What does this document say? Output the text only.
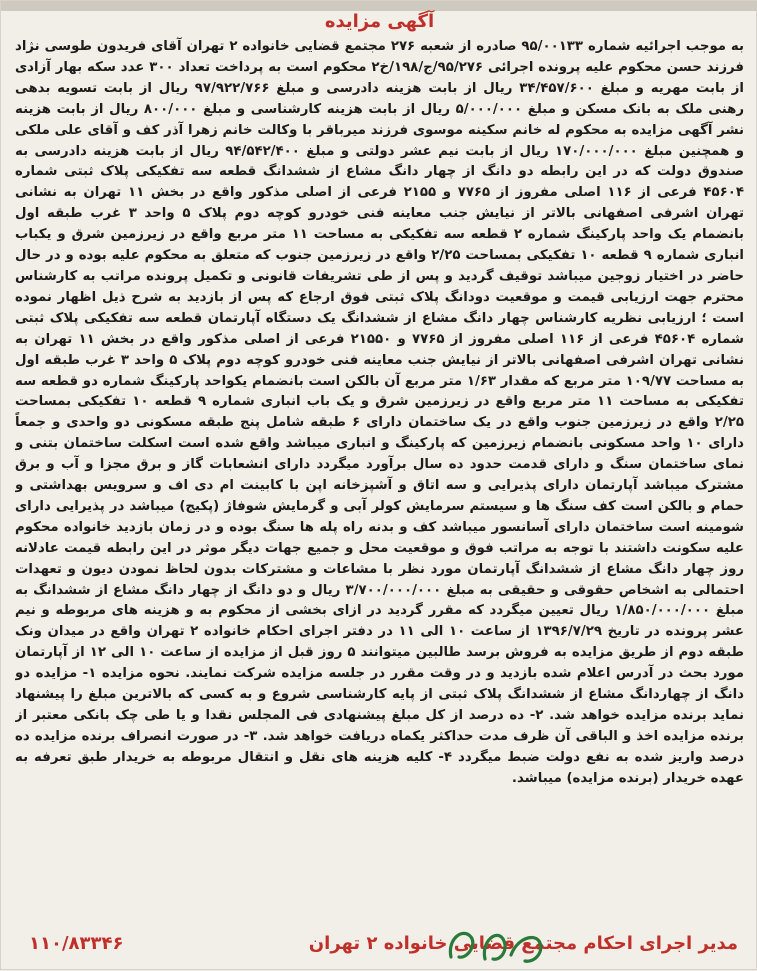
آگهی مزایده

به موجب اجرائیه شماره ۹۵/۰۰۱۳۳ صادره از شعبه ۲۷۶ مجتمع قضایی خانواده ۲ تهران آقای فریدون طوسی نژاد فرزند حسن محکوم علیه پرونده اجرائی ۹۵/۲۷۶/ج/۱۹۸/خ۲ محکوم است به پرداخت تعداد ۳۰۰ عدد سکه بهار آزادی از بابت مهریه و مبلغ ۳۴/۴۵۷/۶۰۰ ریال از بابت هزینه دادرسی و مبلغ ۹۷/۹۲۲/۷۶۶ ریال از بابت تسویه بدهی رهنی ملک به بانک مسکن و مبلغ ۵/۰۰۰/۰۰۰ ریال از بابت هزینه کارشناسی و مبلغ ۸۰۰/۰۰۰ ریال از بابت هزینه نشر آگهی مزایده به محکوم له خانم سکینه موسوی فرزند میرباقر با وکالت خانم زهرا آذر کف و آقای علی ملکی و همچنین مبلغ ۱۷۰/۰۰۰/۰۰۰ ریال از بابت نیم عشر دولتی و مبلغ ۹۴/۵۴۲/۴۰۰ ریال از بابت هزینه دادرسی به صندوق دولت که در این رابطه دو دانگ از چهار دانگ مشاع از ششدانگ قطعه سه تفکیکی پلاک ثبتی شماره ۴۵۶۰۴ فرعی از ۱۱۶ اصلی مفروز از ۷۷۶۵ و ۲۱۵۵ فرعی از اصلی مذکور واقع در بخش ۱۱ تهران به نشانی تهران اشرفی اصفهانی بالاتر از نیایش جنب معاینه فنی خودرو کوچه دوم پلاک ۵ واحد ۳ غرب طبقه اول بانضمام یک واحد پارکینگ شماره ۲ قطعه سه تفکیکی به مساحت ۱۱ متر مربع واقع در زیرزمین شرق و یکباب انباری شماره ۹ قطعه ۱۰ تفکیکی بمساحت ۲/۲۵ واقع در زیرزمین جنوب که متعلق به محکوم علیه بوده و در حال حاضر در اختیار زوجین میباشد توقیف گردید و پس از طی تشریفات قانونی و تکمیل پرونده مراتب به کارشناس محترم جهت ارزیابی قیمت و موقعیت دودانگ پلاک ثبتی فوق ارجاع که پس از بازدید به شرح ذیل اظهار نموده است ؛ ارزیابی نظریه کارشناس چهار دانگ مشاع از ششدانگ یک دستگاه آپارتمان قطعه سه تفکیکی پلاک ثبتی شماره ۴۵۶۰۴ فرعی از ۱۱۶ اصلی مفروز از ۷۷۶۵ و ۲۱۵۵۰ فرعی از اصلی مذکور واقع در بخش ۱۱ تهران به نشانی تهران اشرفی اصفهانی بالاتر از نیایش جنب معاینه فنی خودرو کوچه دوم پلاک ۵ واحد ۳ غرب طبقه اول به مساحت ۱۰۹/۷۷ متر مربع که مقدار ۱/۶۳ متر مربع آن بالکن است بانضمام یکواحد پارکینگ شماره دو قطعه سه تفکیکی به مساحت ۱۱ متر مربع واقع در زیرزمین شرق و یک باب انباری شماره ۹ قطعه ۱۰ تفکیکی بمساحت ۲/۲۵ واقع در زیرزمین جنوب واقع در یک ساختمان دارای ۶ طبقه شامل پنج طبقه مسکونی دو واحدی و جمعاً دارای ۱۰ واحد مسکونی بانضمام زیرزمین که پارکینگ و انباری میباشد واقع شده است اسکلت ساختمان بتنی و نمای ساختمان سنگ و دارای قدمت حدود ده سال برآورد میگردد دارای انشعابات گاز و برق مجزا و آب و برق مشترک میباشد آپارتمان دارای پذیرایی و سه اتاق و آشپزخانه اپن با کابینت ام دی اف و سرویس بهداشتی و حمام و بالکن است کف سنگ ها و سیستم سرمایش کولر آبی و گرمایش شوفاژ (پکیج) میباشد در پذیرایی دارای شومینه است ساختمان دارای آسانسور میباشد کف و بدنه راه پله ها سنگ بوده و در زمان بازدید خانواده محکوم علیه سکونت داشتند با توجه به مراتب فوق و موقعیت محل و جمیع جهات دیگر موثر در این رابطه قیمت عادلانه روز چهار دانگ مشاع از ششدانگ آپارتمان مورد نظر با مشاعات و مشترکات بدون لحاظ نمودن دیون و تعهدات احتمالی به اشخاص حقوقی و حقیقی به مبلغ ۳/۷۰۰/۰۰۰/۰۰۰ ریال و دو دانگ از چهار دانگ مشاع از ششدانگ به مبلغ ۱/۸۵۰/۰۰۰/۰۰۰ ریال تعیین میگردد که مقرر گردید در ازای بخشی از محکوم به و هزینه های مربوطه و نیم عشر پرونده در تاریخ ۱۳۹۶/۷/۲۹ از ساعت ۱۰ الی ۱۱ در دفتر اجرای احکام خانواده ۲ تهران واقع در میدان ونک طبقه دوم از طریق مزایده به فروش برسد طالبین میتوانند ۵ روز قبل از مزایده از ساعت ۱۰ الی ۱۲ از آپارتمان مورد بحث در آدرس اعلام شده بازدید و در وقت مقرر در جلسه مزایده شرکت نمایند. نحوه مزایده ۱- مزایده دو دانگ از چهاردانگ مشاع از ششدانگ پلاک ثبتی از پایه کارشناسی شروع و به کسی که بالاترین مبلغ را پیشنهاد نماید برنده مزایده خواهد شد. ۲- ده درصد از کل مبلغ پیشنهادی فی المجلس نقدا و یا طی چک بانکی معتبر از برنده مزایده اخذ و الباقی آن ظرف مدت حداکثر یکماه دریافت خواهد شد. ۳- در صورت انصراف برنده مزایده ده درصد واریز شده به نفع دولت ضبط میگردد ۴- کلیه هزینه های نقل و انتقال مربوطه به خریدار طبق تعرفه به عهده خریدار (برنده مزایده) میباشد.

مدیر اجرای احکام مجتمع قضایی خانواده ۲ تهران
۱۱۰/۸۳۳۴۶
